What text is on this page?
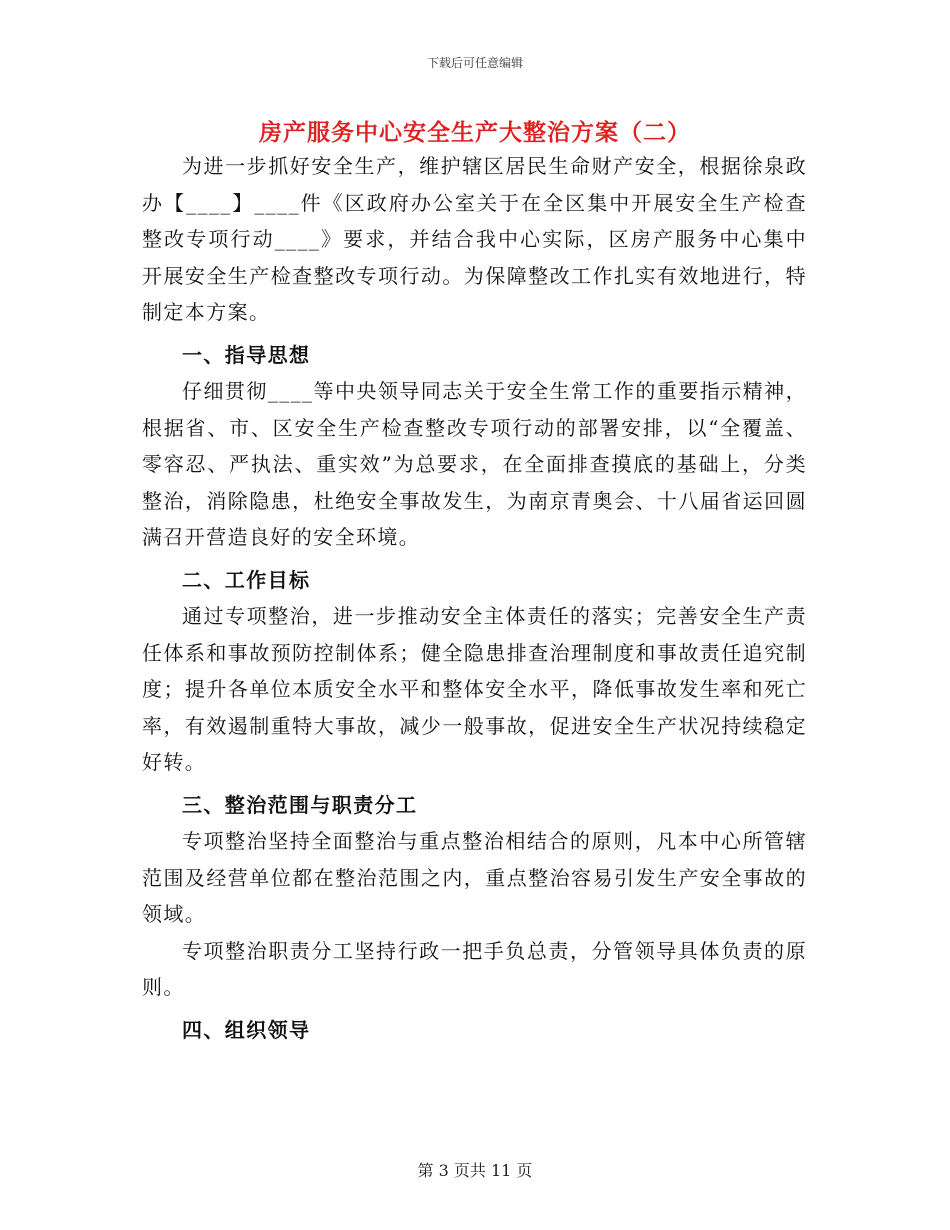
下载后可任意编辑
房产服务中心安全生产大整治方案（二）

为进一步抓好安全生产，维护辖区居民生命财产安全，根据徐泉政办【____】____件《区政府办公室关于在全区集中开展安全生产检查整改专项行动____》要求，并结合我中心实际，区房产服务中心集中开展安全生产检查整改专项行动。为保障整改工作扎实有效地进行，特制定本方案。

一、指导思想

仔细贯彻____等中央领导同志关于安全生常工作的重要指示精神，根据省、市、区安全生产检查整改专项行动的部署安排，以“全覆盖、零容忍、严执法、重实效”为总要求，在全面排查摸底的基础上，分类整治，消除隐患，杜绝安全事故发生，为南京青奥会、十八届省运回圆满召开营造良好的安全环境。

二、工作目标

通过专项整治，进一步推动安全主体责任的落实；完善安全生产责任体系和事故预防控制体系；健全隐患排查治理制度和事故责任追究制度；提升各单位本质安全水平和整体安全水平，降低事故发生率和死亡率，有效遏制重特大事故，减少一般事故，促进安全生产状况持续稳定好转。

三、整治范围与职责分工

专项整治坚持全面整治与重点整治相结合的原则，凡本中心所管辖范围及经营单位都在整治范围之内，重点整治容易引发生产安全事故的领域。

专项整治职责分工坚持行政一把手负总责，分管领导具体负责的原则。

四、组织领导

第 3 页共 11 页
